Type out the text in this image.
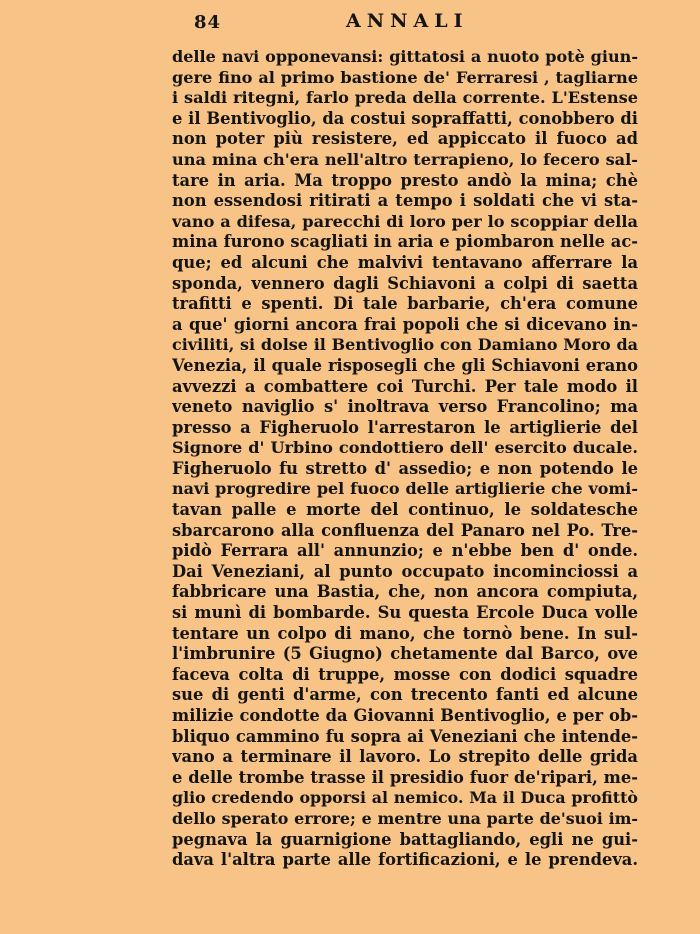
84	ANNALI
delle navi opponevansi: gittatosi a nuoto potè giun-
gere fino al primo bastione de' Ferraresi , tagliarne
i saldi ritegni, farlo preda della corrente. L'Estense
e il Bentivoglio, da costui sopraffatti, conobbero di
non poter più resistere, ed appiccato il fuoco ad
una mina ch'era nell'altro terrapieno, lo fecero sal-
tare in aria. Ma troppo presto andò la mina; chè
non essendosi ritirati a tempo i soldati che vi sta-
vano a difesa, parecchi di loro per lo scoppiar della
mina furono scagliati in aria e piombaron nelle ac-
que; ed alcuni che malvivi tentavano afferrare la
sponda, vennero dagli Schiavoni a colpi di saetta
trafitti e spenti. Di tale barbarie, ch'era comune
a que' giorni ancora frai popoli che si dicevano in-
civiliti, si dolse il Bentivoglio con Damiano Moro da
Venezia, il quale risposegli che gli Schiavoni erano
avvezzi a combattere coi Turchi. Per tale modo il
veneto naviglio s' inoltrava verso Francolino; ma
presso a Figheruolo l'arrestaron le artiglierie del
Signore d' Urbino condottiero dell' esercito ducale.
Figheruolo fu stretto d' assedio; e non potendo le
navi progredire pel fuoco delle artiglierie che vomi-
tavan palle e morte del continuo, le soldatesche
sbarcarono alla confluenza del Panaro nel Po. Tre-
pidò Ferrara all' annunzio; e n'ebbe ben d' onde.
Dai Veneziani, al punto occupato incominciossi a
fabbricare una Bastia, che, non ancora compiuta,
si munì di bombarde. Su questa Ercole Duca volle
tentare un colpo di mano, che tornò bene. In sul-
l'imbrunire (5 Giugno) chetamente dal Barco, ove
faceva colta di truppe, mosse con dodici squadre
sue di genti d'arme, con trecento fanti ed alcune
milizie condotte da Giovanni Bentivoglio, e per ob-
bliquo cammino fu sopra ai Veneziani che intende-
vano a terminare il lavoro. Lo strepito delle grida
e delle trombe trasse il presidio fuor de'ripari, me-
glio credendo opporsi al nemico. Ma il Duca profittò
dello sperato errore; e mentre una parte de'suoi im-
pegnava la guarnigione battagliando, egli ne gui-
dava l'altra parte alle fortificazioni, e le prendeva.
